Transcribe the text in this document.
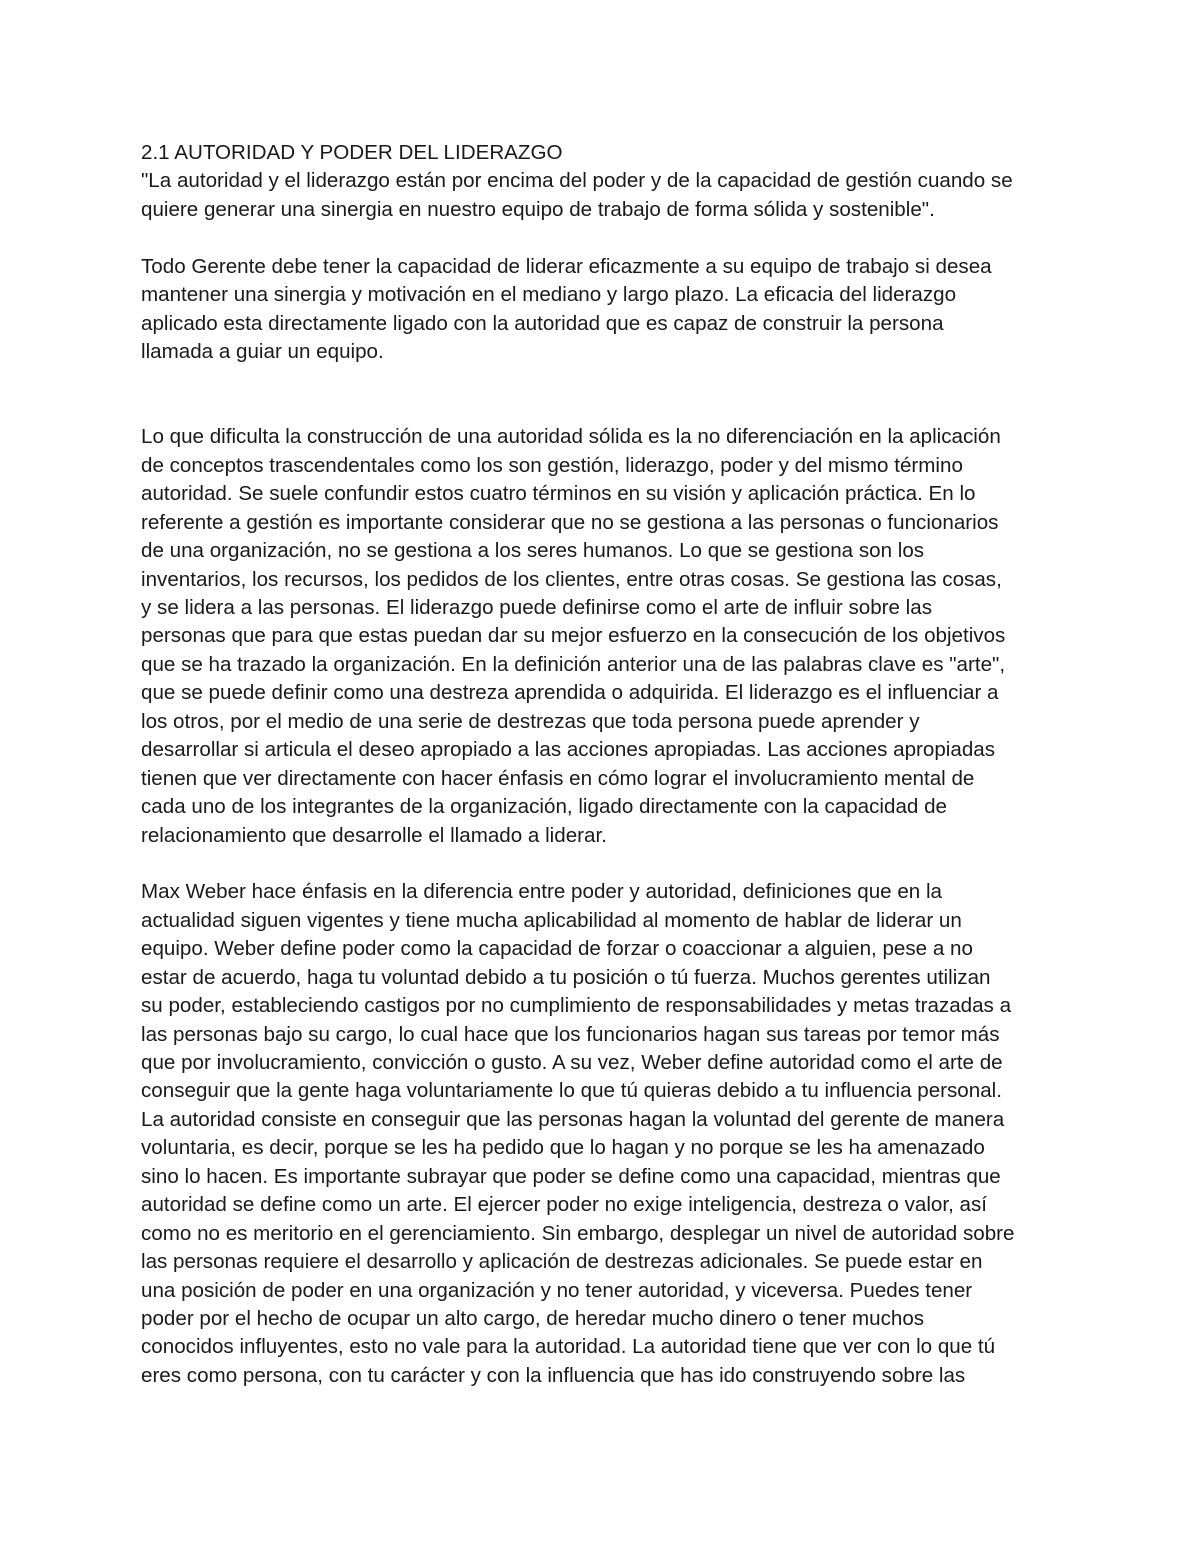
2.1 AUTORIDAD Y PODER DEL LIDERAZGO

"La autoridad y el liderazgo están por encima del poder y de la capacidad de gestión cuando se
quiere generar una sinergia en nuestro equipo de trabajo de forma sólida y sostenible".
Todo Gerente debe tener la capacidad de liderar eficazmente a su equipo de trabajo si desea
mantener una sinergia y motivación en el mediano y largo plazo. La eficacia del liderazgo
aplicado esta directamente ligado con la autoridad que es capaz de construir la persona
llamada a guiar un equipo.
Lo que dificulta la construcción de una autoridad sólida es la no diferenciación en la aplicación
de conceptos trascendentales como los son gestión, liderazgo, poder y del mismo término
autoridad. Se suele confundir estos cuatro términos en su visión y aplicación práctica. En lo
referente a gestión es importante considerar que no se gestiona a las personas o funcionarios
de una organización, no se gestiona a los seres humanos. Lo que se gestiona son los
inventarios, los recursos, los pedidos de los clientes, entre otras cosas. Se gestiona las cosas,
y se lidera a las personas. El liderazgo puede definirse como el arte de influir sobre las
personas que para que estas puedan dar su mejor esfuerzo en la consecución de los objetivos
que se ha trazado la organización. En la definición anterior una de las palabras clave es "arte",
que se puede definir como una destreza aprendida o adquirida. El liderazgo es el influenciar a
los otros, por el medio de una serie de destrezas que toda persona puede aprender y
desarrollar si articula el deseo apropiado a las acciones apropiadas. Las acciones apropiadas
tienen que ver directamente con hacer énfasis en cómo lograr el involucramiento mental de
cada uno de los integrantes de la organización, ligado directamente con la capacidad de
relacionamiento que desarrolle el llamado a liderar.
Max Weber hace énfasis en la diferencia entre poder y autoridad, definiciones que en la
actualidad siguen vigentes y tiene mucha aplicabilidad al momento de hablar de liderar un
equipo. Weber define poder como la capacidad de forzar o coaccionar a alguien, pese a no
estar de acuerdo, haga tu voluntad debido a tu posición o tú fuerza. Muchos gerentes utilizan
su poder, estableciendo castigos por no cumplimiento de responsabilidades y metas trazadas a
las personas bajo su cargo, lo cual hace que los funcionarios hagan sus tareas por temor más
que por involucramiento, convicción o gusto. A su vez, Weber define autoridad como el arte de
conseguir que la gente haga voluntariamente lo que tú quieras debido a tu influencia personal.
La autoridad consiste en conseguir que las personas hagan la voluntad del gerente de manera
voluntaria, es decir, porque se les ha pedido que lo hagan y no porque se les ha amenazado
sino lo hacen. Es importante subrayar que poder se define como una capacidad, mientras que
autoridad se define como un arte. El ejercer poder no exige inteligencia, destreza o valor, así
como no es meritorio en el gerenciamiento. Sin embargo, desplegar un nivel de autoridad sobre
las personas requiere el desarrollo y aplicación de destrezas adicionales. Se puede estar en
una posición de poder en una organización y no tener autoridad, y viceversa. Puedes tener
poder por el hecho de ocupar un alto cargo, de heredar mucho dinero o tener muchos
conocidos influyentes, esto no vale para la autoridad. La autoridad tiene que ver con lo que tú
eres como persona, con tu carácter y con la influencia que has ido construyendo sobre las
